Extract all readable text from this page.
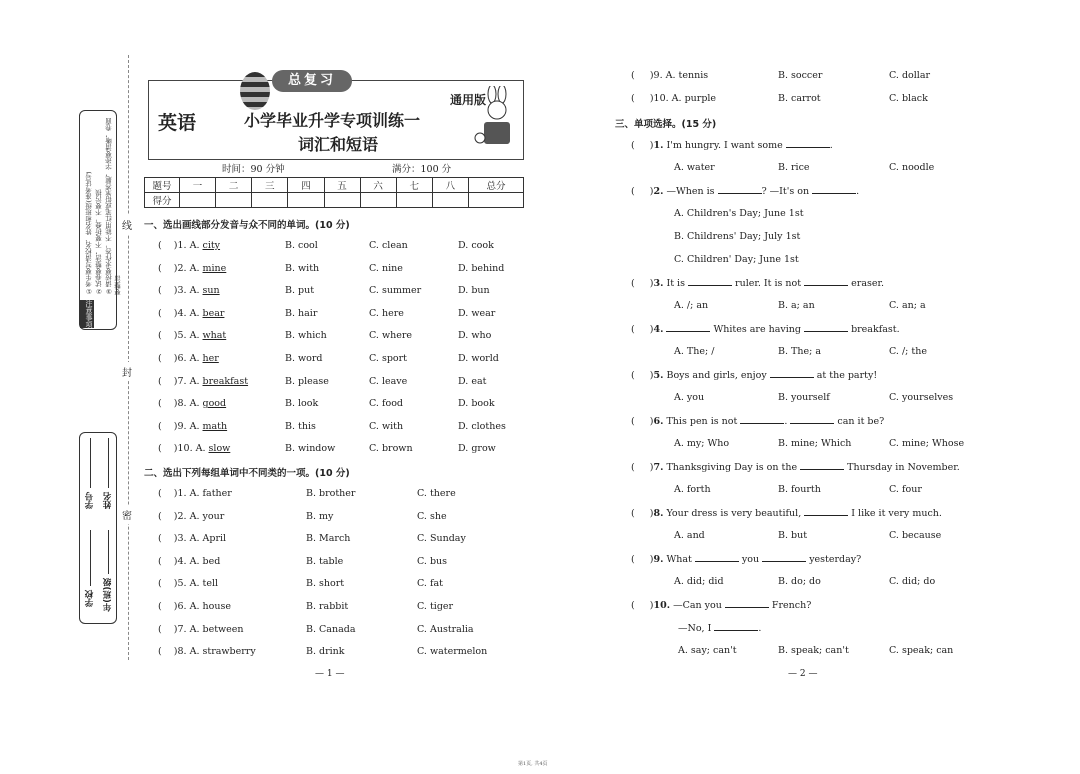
线
封
密
注意事项
①考生要写清校名、姓名和班级(准考证号) ②试卷要整洁，不要折叠，不要污损 ③请按要求作答，不能用红笔或铅笔答题，字迹要清晰，卷面要整洁
学号 姓名
学校 年(班)级
总复习
英语	小学毕业升学专项训练一
词汇和短语
通用版
时间：90 分钟	满分：100 分
题号	一	二	三	四	五	六	七	八	总分
得分									
一、选出画线部分发音与众不同的单词。(10 分)
(    )1. A. city	B. cool	C. clean	D. cook
(    )2. A. mine	B. with	C. nine	D. behind
(    )3. A. sun	B. put	C. summer	D. bun
(    )4. A. bear	B. hair	C. here	D. wear
(    )5. A. what	B. which	C. where	D. who
(    )6. A. her	B. word	C. sport	D. world
(    )7. A. breakfast	B. please	C. leave	D. eat
(    )8. A. good	B. look	C. food	D. book
(    )9. A. math	B. this	C. with	D. clothes
(    )10. A. slow	B. window	C. brown	D. grow
二、选出下列每组单词中不同类的一项。(10 分)
(    )1. A. father	B. brother	C. there
(    )2. A. your	B. my	C. she
(    )3. A. April	B. March	C. Sunday
(    )4. A. bed	B. table	C. bus
(    )5. A. tell	B. short	C. fat
(    )6. A. house	B. rabbit	C. tiger
(    )7. A. between	B. Canada	C. Australia
(    )8. A. strawberry	B. drink	C. watermelon
— 1 —
(     )9. A. tennis	B. soccer	C. dollar
(     )10. A. purple	B. carrot	C. black
三、单项选择。(15 分)
(     )1. I'm hungry. I want some	.
A. water	B. rice	C. noodle
(     )2. —When is	? —It's on	.
A. Children's Day; June 1st
B. Childrens' Day; July 1st
C. Children' Day; June 1st
(     )3. It is	ruler. It is not	eraser.
A. /; an	B. a; an	C. an; a
(     )4.	Whites are having	breakfast.
A. The; /	B. The; a	C. /; the
(     )5. Boys and girls, enjoy	at the party!
A. you	B. yourself	C. yourselves
(     )6. This pen is not	.	can it be?
A. my; Who	B. mine; Which	C. mine; Whose
(     )7. Thanksgiving Day is on the	Thursday in November.
A. forth	B. fourth	C. four
(     )8. Your dress is very beautiful,	I like it very much.
A. and	B. but	C. because
(     )9. What	you	yesterday?
A. did; did	B. do; do	C. did; do
(     )10. —Can you	French?
—No, I	.
A. say; can't	B. speak; can't	C. speak; can
— 2 —
第1页, 共4页
